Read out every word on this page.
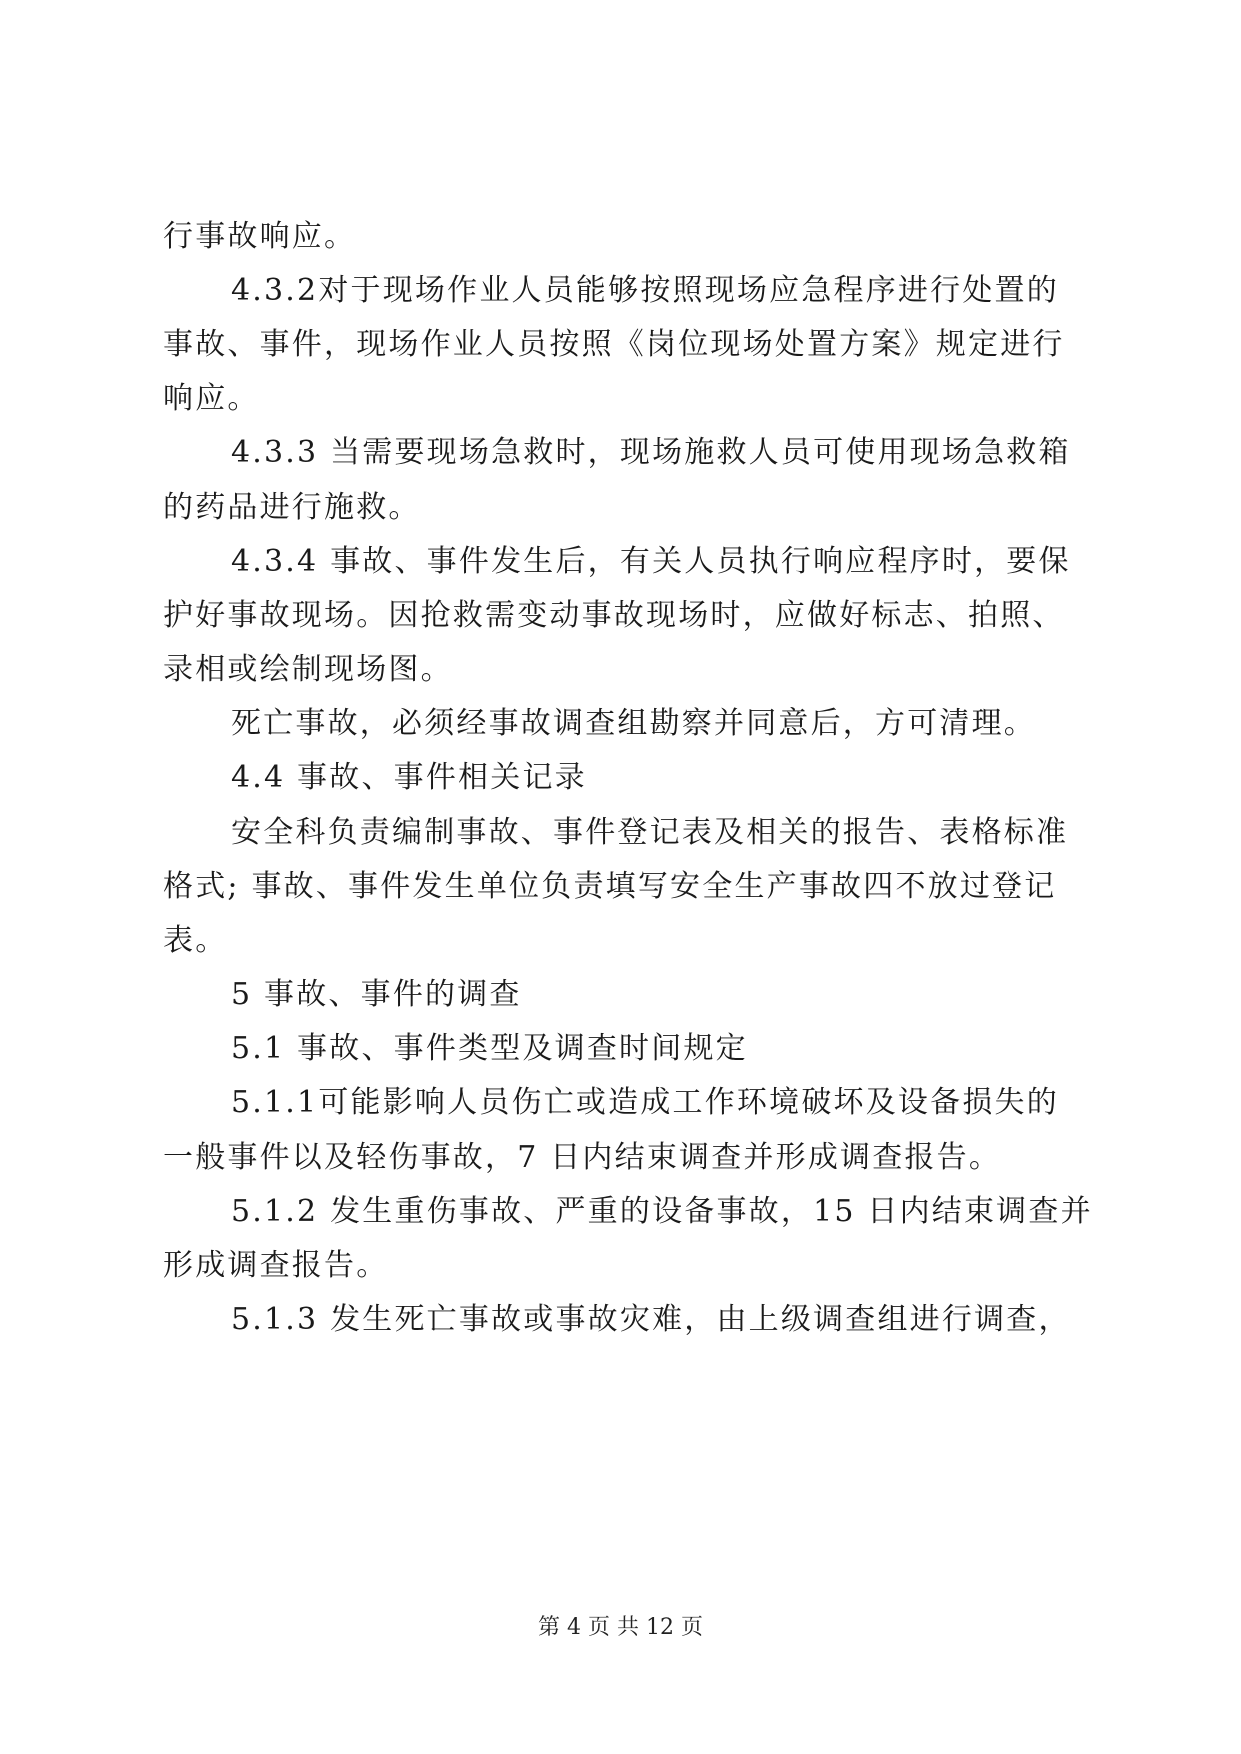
行事故响应。
4.3.2对于现场作业人员能够按照现场应急程序进行处置的
事故、事件，现场作业人员按照《岗位现场处置方案》规定进行
响应。
4.3.3 当需要现场急救时，现场施救人员可使用现场急救箱
的药品进行施救。
4.3.4 事故、事件发生后，有关人员执行响应程序时，要保
护好事故现场。因抢救需变动事故现场时，应做好标志、拍照、
录相或绘制现场图。
死亡事故，必须经事故调查组勘察并同意后，方可清理。
4.4 事故、事件相关记录
安全科负责编制事故、事件登记表及相关的报告、表格标准
格式; 事故、事件发生单位负责填写安全生产事故四不放过登记
表。
5 事故、事件的调查
5.1 事故、事件类型及调查时间规定
5.1.1可能影响人员伤亡或造成工作环境破坏及设备损失的
一般事件以及轻伤事故，7 日内结束调查并形成调查报告。
5.1.2 发生重伤事故、严重的设备事故，15 日内结束调查并
形成调查报告。
5.1.3 发生死亡事故或事故灾难，由上级调查组进行调查，
第 4 页 共 12 页
